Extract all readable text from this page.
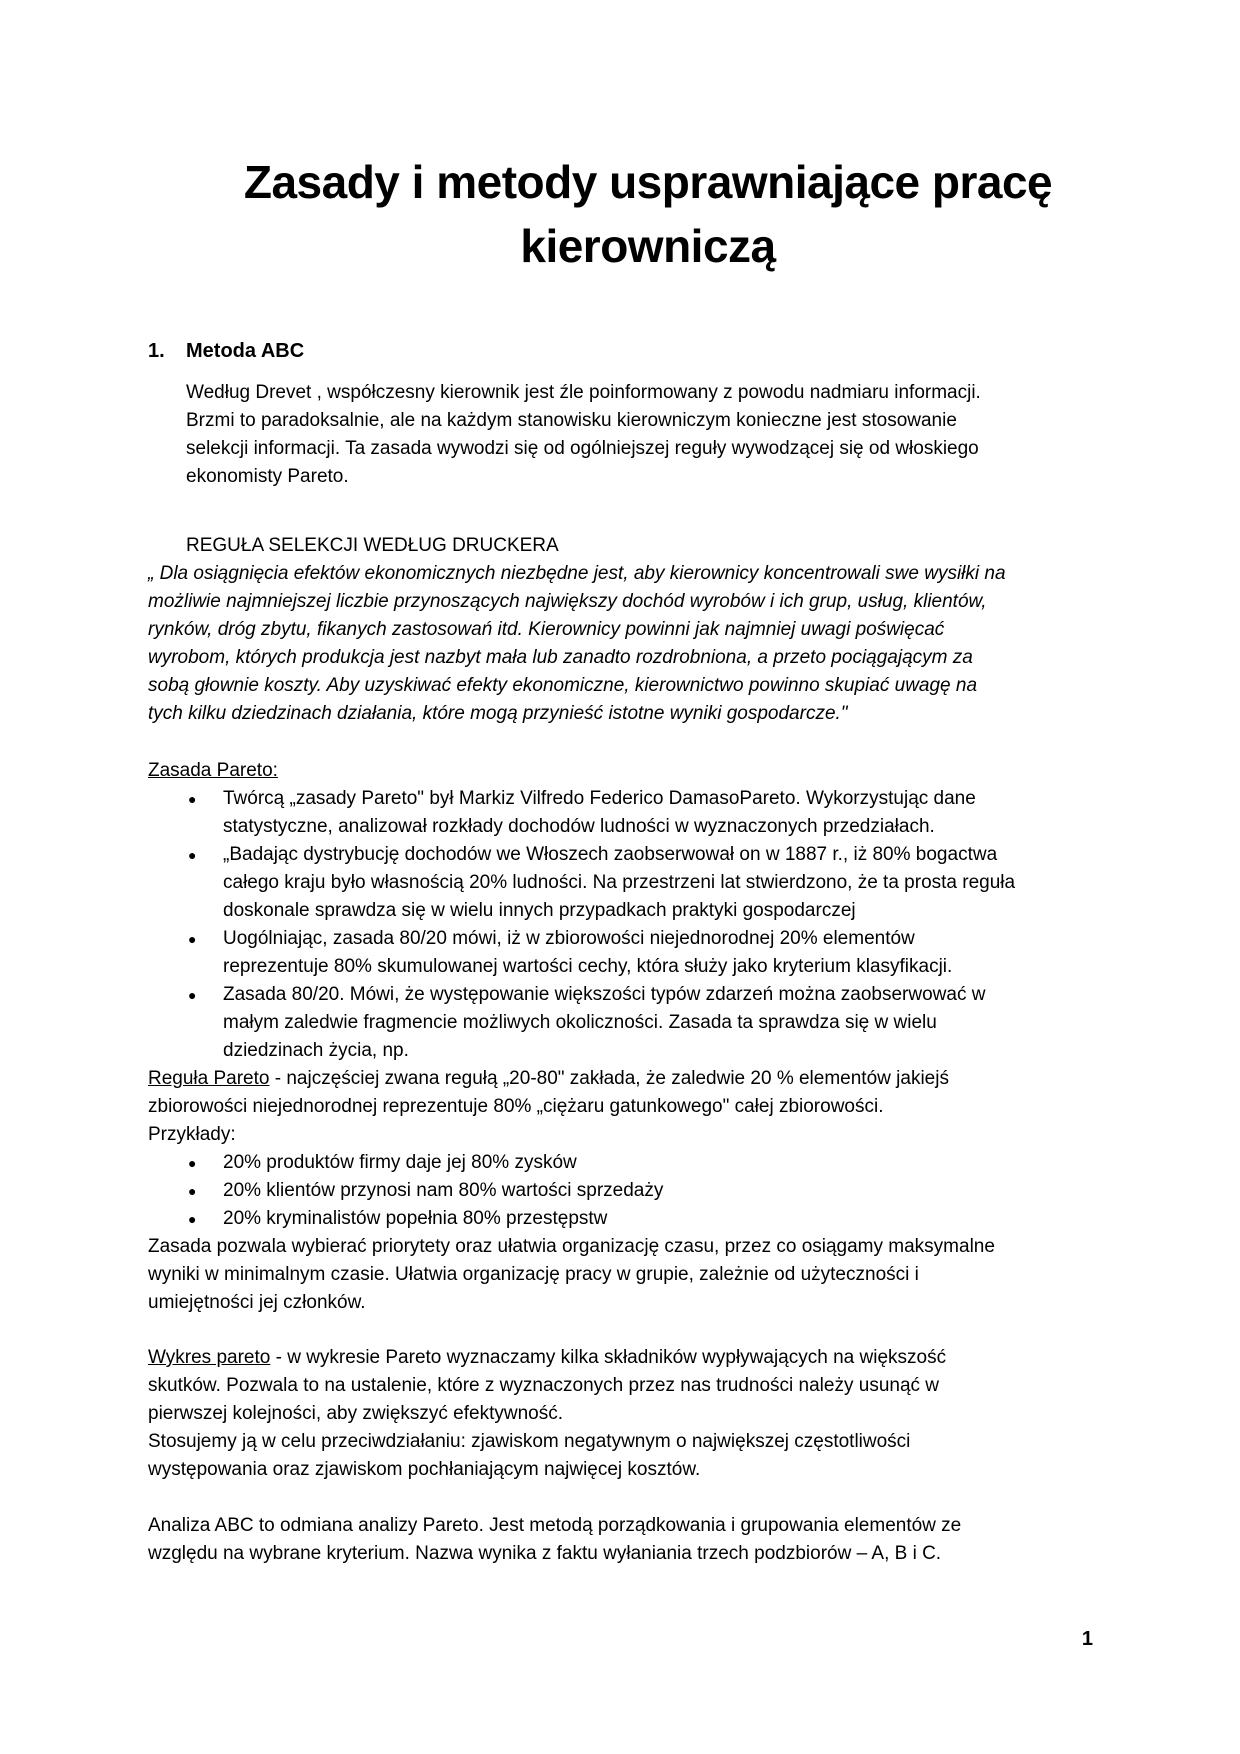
Zasady i metody usprawniające pracę
kierowniczą
1. Metoda ABC
Według Drevet , współczesny kierownik jest źle poinformowany z powodu nadmiaru informacji.
Brzmi to paradoksalnie, ale na każdym stanowisku kierowniczym konieczne jest stosowanie
selekcji informacji. Ta zasada wywodzi się od ogólniejszej reguły wywodzącej się od włoskiego
ekonomisty Pareto.
REGUŁA SELEKCJI WEDŁUG DRUCKERA
„ Dla osiągnięcia efektów ekonomicznych niezbędne jest, aby kierownicy koncentrowali swe wysiłki na
możliwie najmniejszej liczbie przynoszących największy dochód wyrobów i ich grup, usług, klientów,
rynków, dróg zbytu, fikanych zastosowań itd. Kierownicy powinni jak najmniej uwagi poświęcać
wyrobom, których produkcja jest nazbyt mała lub zanadto rozdrobniona, a przeto pociągającym za
sobą głownie koszty. Aby uzyskiwać efekty ekonomiczne, kierownictwo powinno skupiać uwagę na
tych kilku dziedzinach działania, które mogą przynieść istotne wyniki gospodarcze."
Zasada Pareto:
● Twórcą „zasady Pareto" był Markiz Vilfredo Federico DamasoPareto. Wykorzystując dane
statystyczne, analizował rozkłady dochodów ludności w wyznaczonych przedziałach.
● „Badając dystrybucję dochodów we Włoszech zaobserwował on w 1887 r., iż 80% bogactwa
całego kraju było własnością 20% ludności. Na przestrzeni lat stwierdzono, że ta prosta reguła
doskonale sprawdza się w wielu innych przypadkach praktyki gospodarczej
● Uogólniając, zasada 80/20 mówi, iż w zbiorowości niejednorodnej 20% elementów
reprezentuje 80% skumulowanej wartości cechy, która służy jako kryterium klasyfikacji.
● Zasada 80/20. Mówi, że występowanie większości typów zdarzeń można zaobserwować w
małym zaledwie fragmencie możliwych okoliczności. Zasada ta sprawdza się w wielu
dziedzinach życia, np.
Reguła Pareto - najczęściej zwana regułą „20-80" zakłada, że zaledwie 20 % elementów jakiejś
zbiorowości niejednorodnej reprezentuje 80% „ciężaru gatunkowego" całej zbiorowości.
Przykłady:
● 20% produktów firmy daje jej 80% zysków
● 20% klientów przynosi nam 80% wartości sprzedaży
● 20% kryminalistów popełnia 80% przestępstw
Zasada pozwala wybierać priorytety oraz ułatwia organizację czasu, przez co osiągamy maksymalne
wyniki w minimalnym czasie. Ułatwia organizację pracy w grupie, zależnie od użyteczności i
umiejętności jej członków.
Wykres pareto - w wykresie Pareto wyznaczamy kilka składników wypływających na większość
skutków. Pozwala to na ustalenie, które z wyznaczonych przez nas trudności należy usunąć w
pierwszej kolejności, aby zwiększyć efektywność.
Stosujemy ją w celu przeciwdziałaniu: zjawiskom negatywnym o największej częstotliwości
występowania oraz zjawiskom pochłaniającym najwięcej kosztów.
Analiza ABC to odmiana analizy Pareto. Jest metodą porządkowania i grupowania elementów ze
względu na wybrane kryterium. Nazwa wynika z faktu wyłaniania trzech podzbiorów – A, B i C.
1
